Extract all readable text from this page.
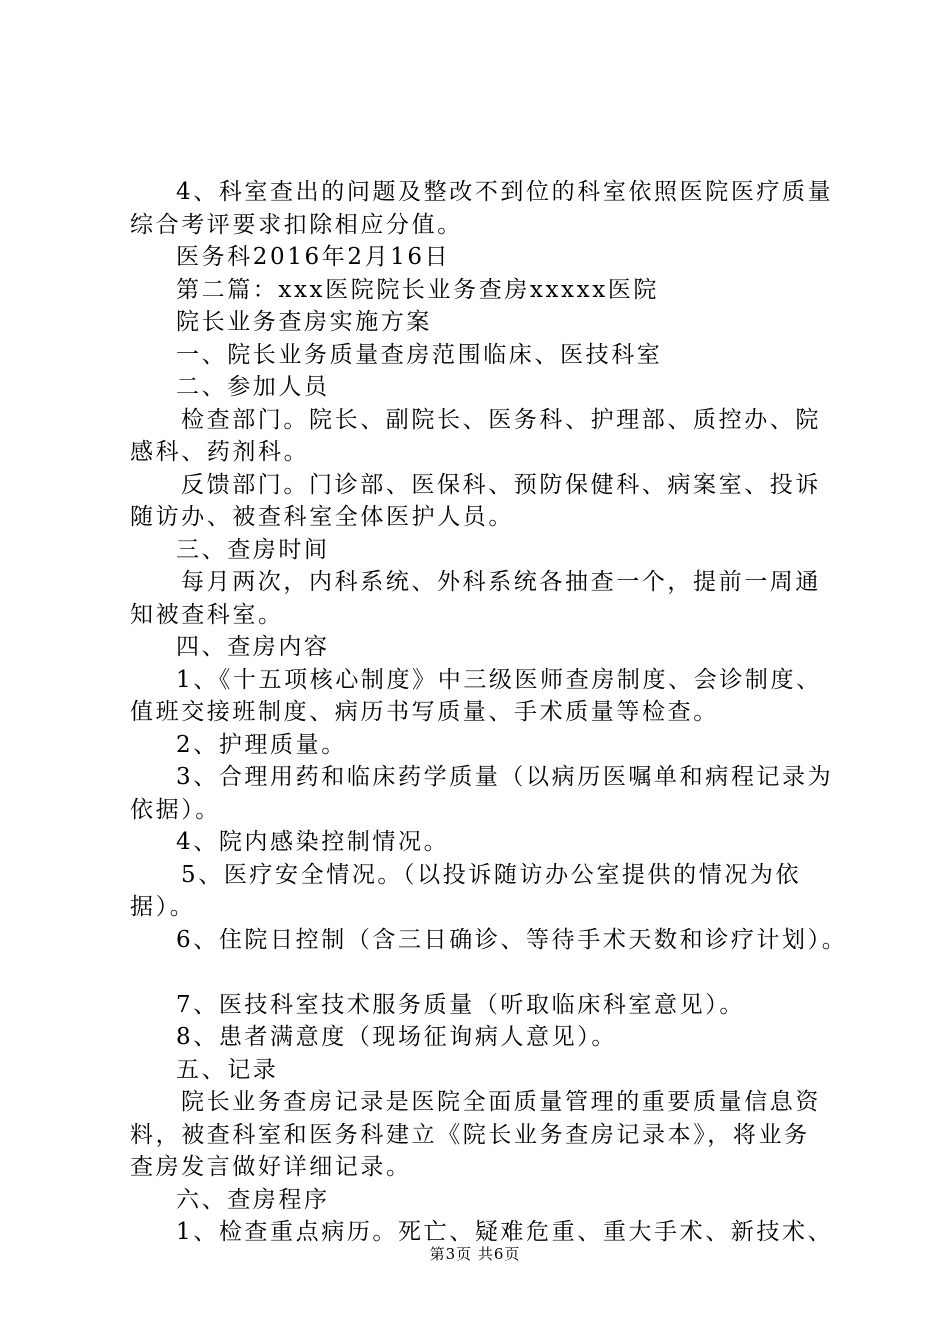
4、科室查出的问题及整改不到位的科室依照医院医疗质量
综合考评要求扣除相应分值。
医务科2016年2月16日
第二篇：xxx医院院长业务查房xxxxx医院
院长业务查房实施方案
一、院长业务质量查房范围临床、医技科室
二、参加人员
检查部门。院长、副院长、医务科、护理部、质控办、院
感科、药剂科。
反馈部门。门诊部、医保科、预防保健科、病案室、投诉
随访办、被查科室全体医护人员。
三、查房时间
每月两次，内科系统、外科系统各抽查一个，提前一周通
知被查科室。
四、查房内容
1、《十五项核心制度》中三级医师查房制度、会诊制度、
值班交接班制度、病历书写质量、手术质量等检查。
2、护理质量。
3、合理用药和临床药学质量（以病历医嘱单和病程记录为
依据）。
4、院内感染控制情况。
5、医疗安全情况。（以投诉随访办公室提供的情况为依
据）。
6、住院日控制（含三日确诊、等待手术天数和诊疗计划）。
7、医技科室技术服务质量（听取临床科室意见）。
8、患者满意度（现场征询病人意见）。
五、记录
院长业务查房记录是医院全面质量管理的重要质量信息资
料，被查科室和医务科建立《院长业务查房记录本》，将业务
查房发言做好详细记录。
六、查房程序
1、检查重点病历。死亡、疑难危重、重大手术、新技术、
第3页 共6页
